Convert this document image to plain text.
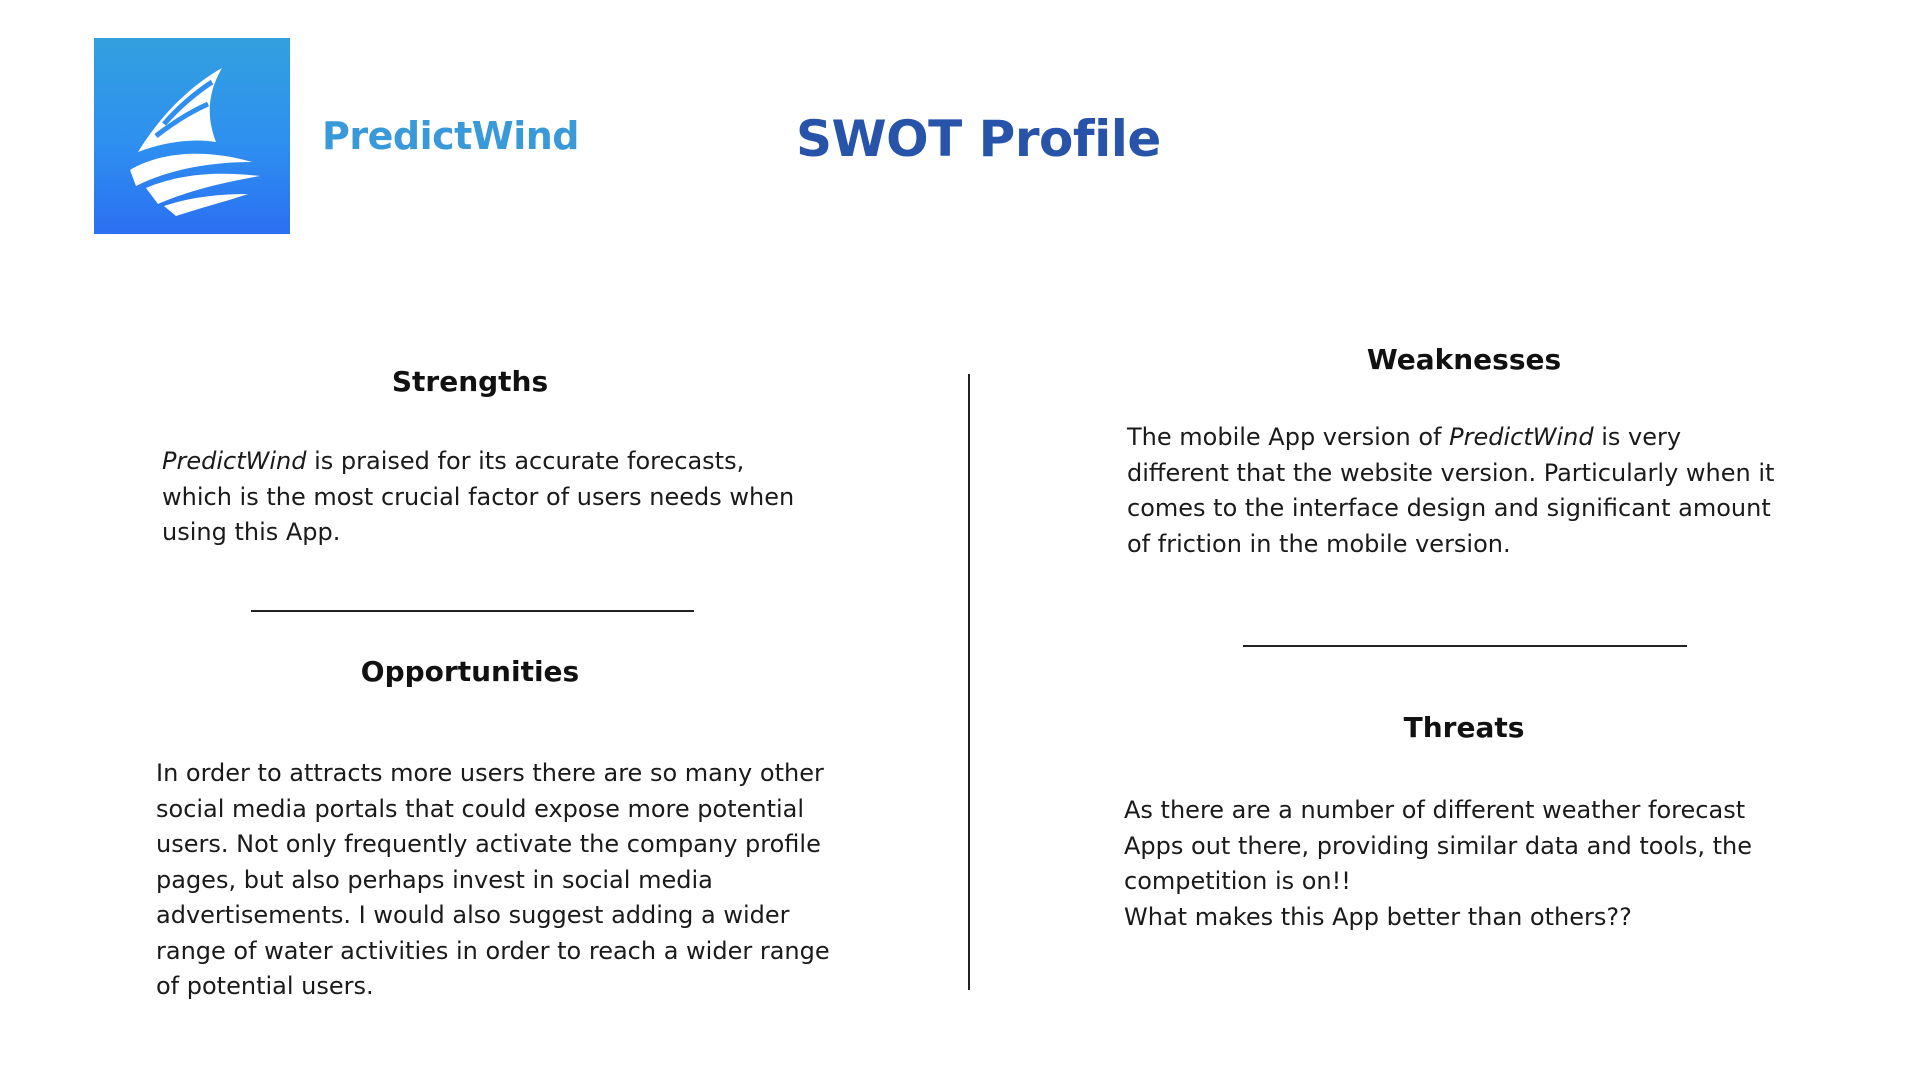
PredictWind	SWOT Profile
Strengths
PredictWind is praised for its accurate forecasts,
which is the most crucial factor of users needs when
using this App.
Opportunities
In order to attracts more users there are so many other
social media portals that could expose more potential
users. Not only frequently activate the company profile
pages, but also perhaps invest in social media
advertisements. I would also suggest adding a wider
range of water activities in order to reach a wider range
of potential users.
Weaknesses
The mobile App version of PredictWind is very
different that the website version. Particularly when it
comes to the interface design and significant amount
of friction in the mobile version.
Threats
As there are a number of different weather forecast
Apps out there, providing similar data and tools, the
competition is on!!
What makes this App better than others??
